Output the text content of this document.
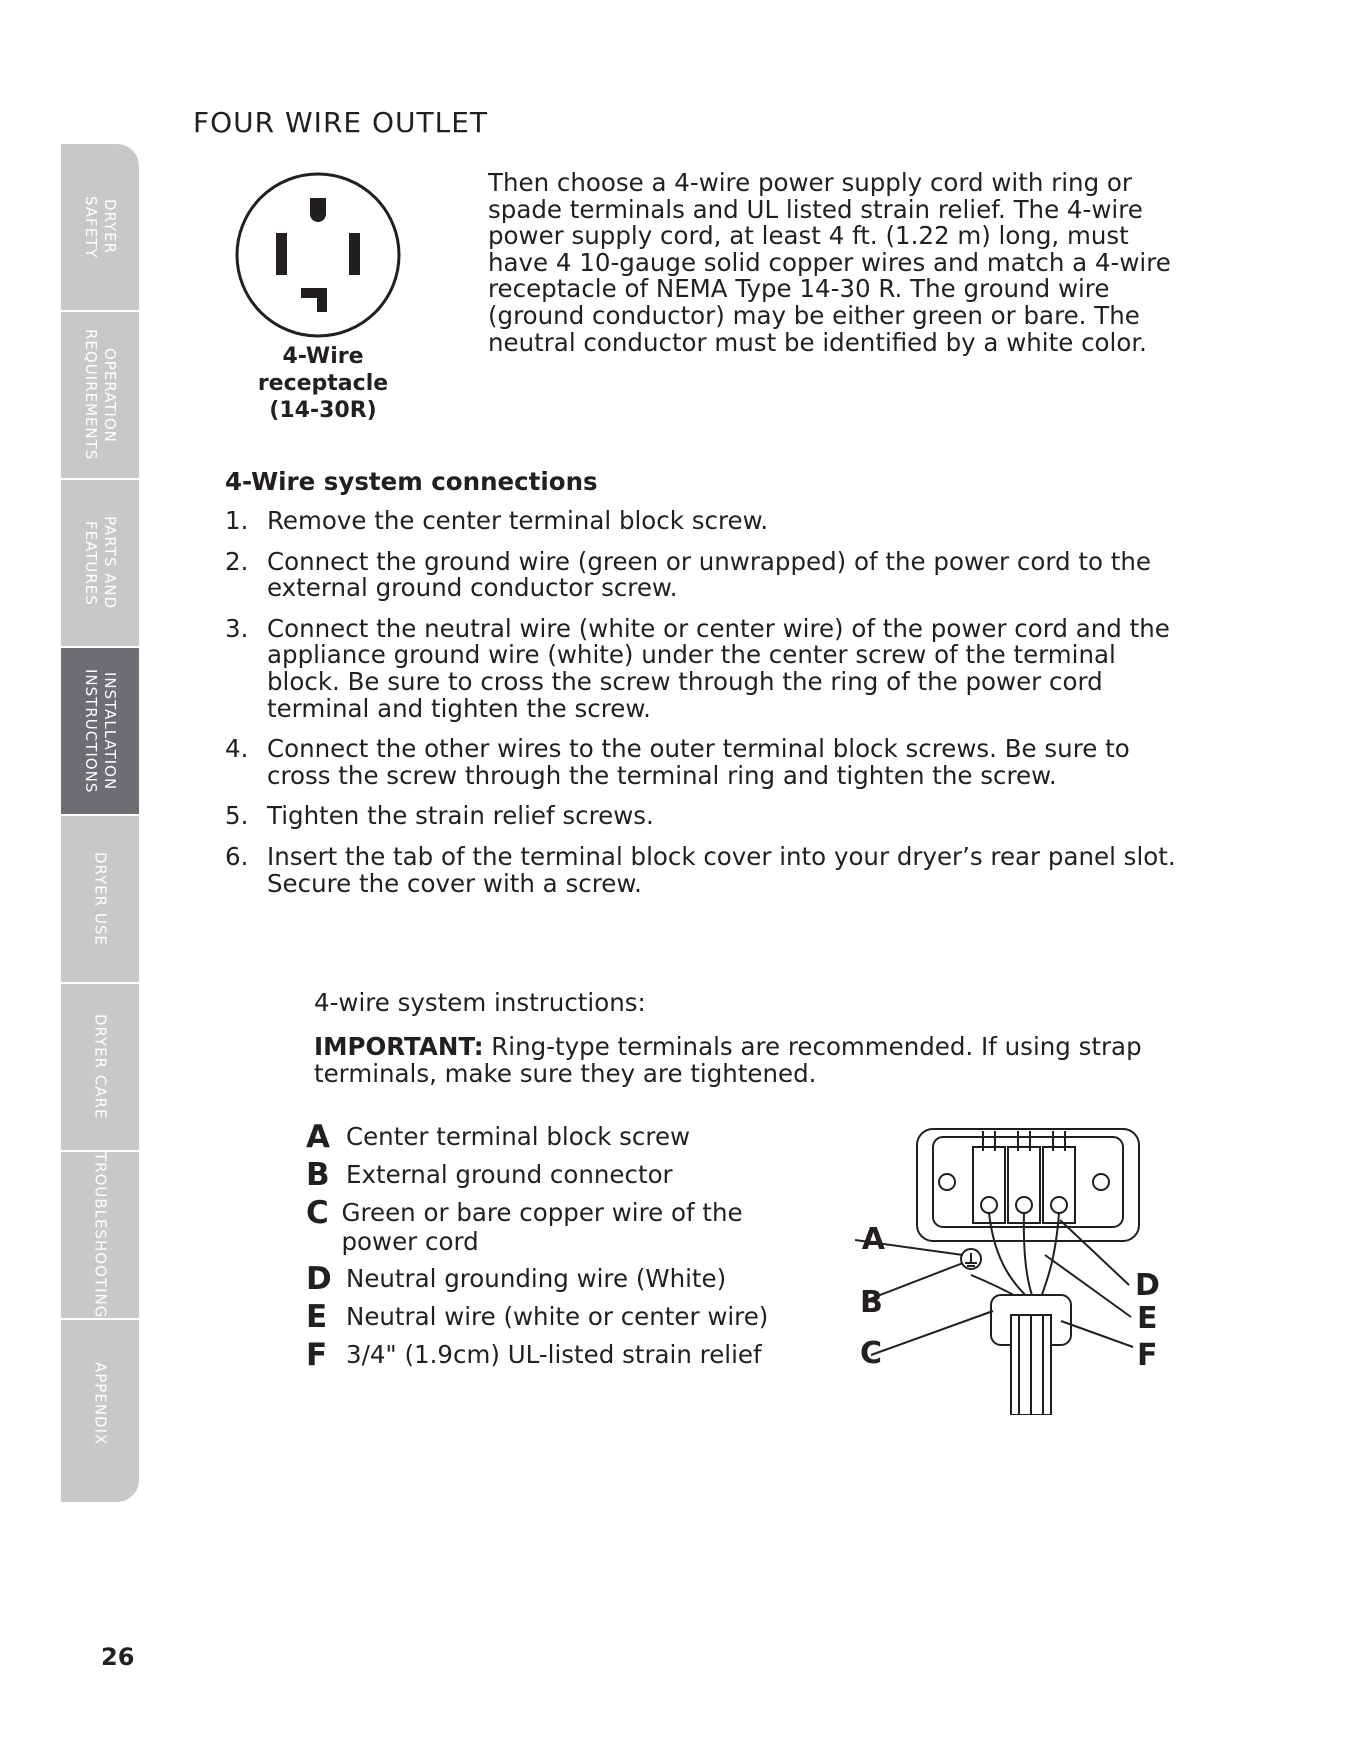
DRYER
SAFETY
OPERATION
REQUIREMENTS
PARTS AND
FEATURES
INSTALLATION
INSTRUCTIONS
DRYER USE
DRYER CARE
TROUBLESHOOTING
APPENDIX
FOUR WIRE OUTLET
4-Wire
receptacle
(14-30R)
Then choose a 4-wire power supply cord with ring or spade terminals and UL listed strain relief. The 4-wire power supply cord, at least 4 ft. (1.22 m) long, must have 4 10-gauge solid copper wires and match a 4-wire receptacle of NEMA Type 14-30 R. The ground wire (ground conductor) may be either green or bare. The neutral conductor must be identified by a white color.
4-Wire system connections
1. Remove the center terminal block screw.
2. Connect the ground wire (green or unwrapped) of the power cord to the external ground conductor screw.
3. Connect the neutral wire (white or center wire) of the power cord and the appliance ground wire (white) under the center screw of the terminal block. Be sure to cross the screw through the ring of the power cord terminal and tighten the screw.
4. Connect the other wires to the outer terminal block screws. Be sure to cross the screw through the terminal ring and tighten the screw.
5. Tighten the strain relief screws.
6. Insert the tab of the terminal block cover into your dryer’s rear panel slot. Secure the cover with a screw.
4-wire system instructions:
IMPORTANT: Ring-type terminals are recommended. If using strap terminals, make sure they are tightened.
A Center terminal block screw
B External ground connector
C Green or bare copper wire of the power cord
D Neutral grounding wire (White)
E Neutral wire (white or center wire)
F 3/4" (1.9cm) UL-listed strain relief
A
B
C
D
E
F
26
